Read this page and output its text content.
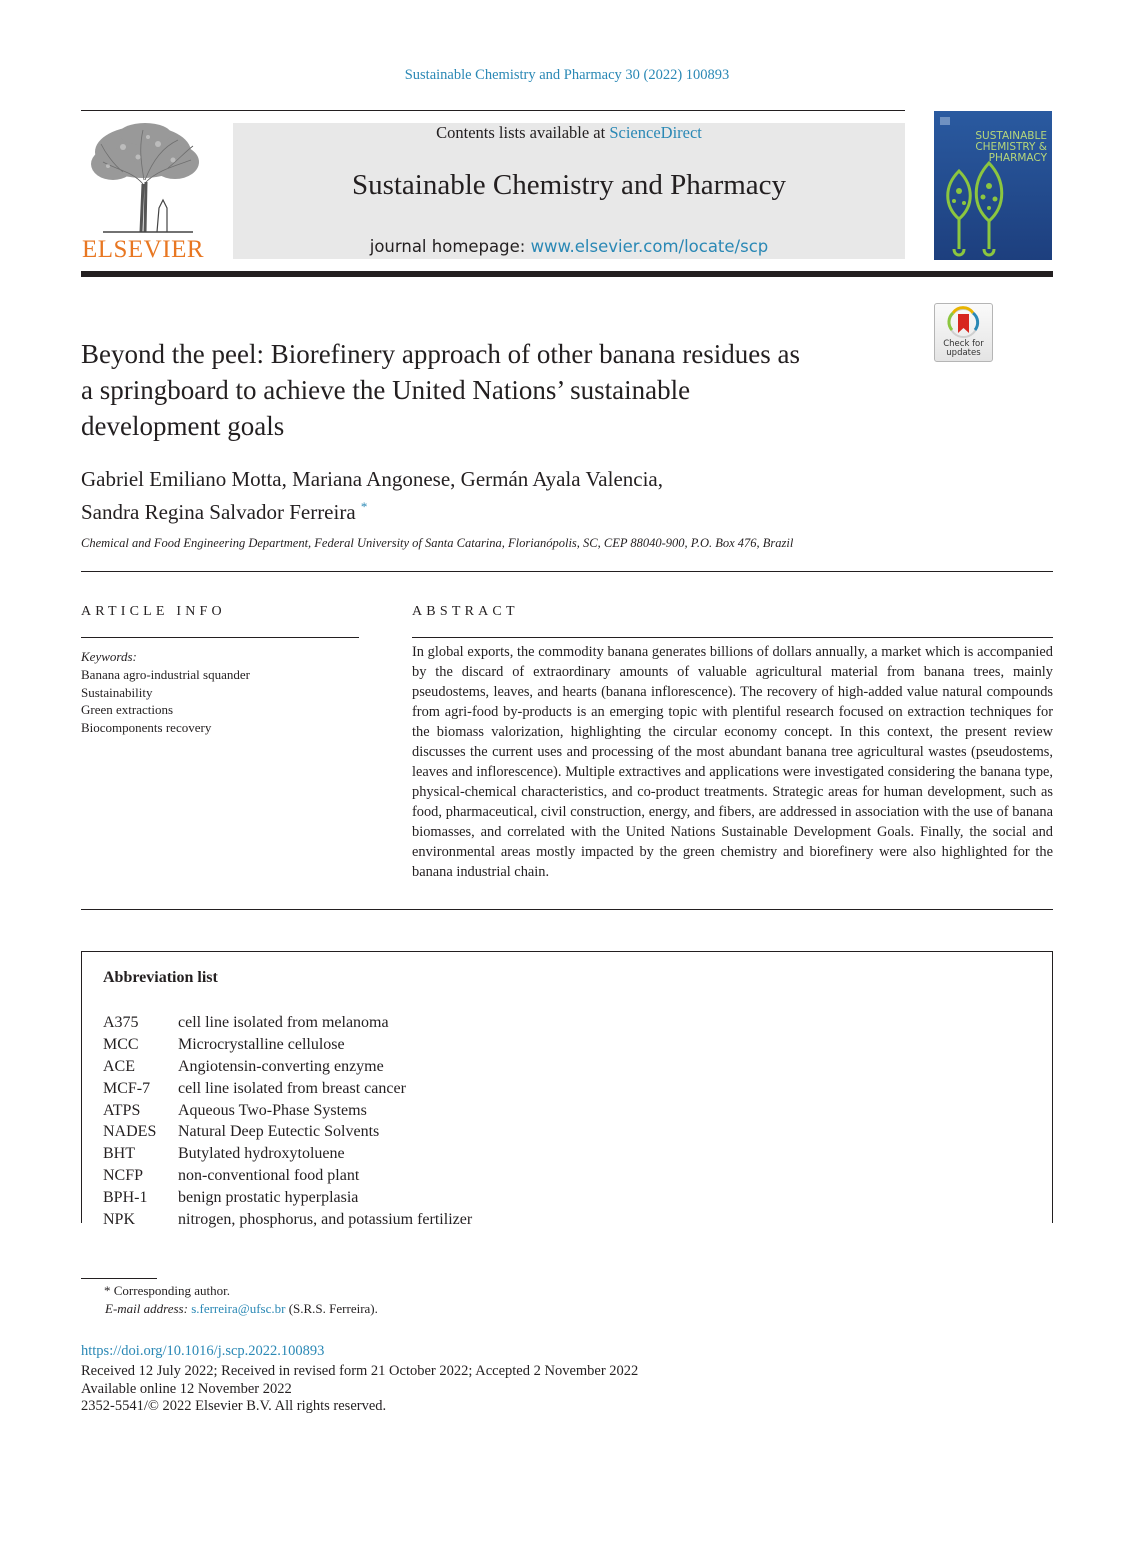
Sustainable Chemistry and Pharmacy 30 (2022) 100893
ELSEVIER
Contents lists available at ScienceDirect
Sustainable Chemistry and Pharmacy
journal homepage: www.elsevier.com/locate/scp
SUSTAINABLE
CHEMISTRY &
PHARMACY
Check for
updates
Beyond the peel: Biorefinery approach of other banana residues as
a springboard to achieve the United Nations’ sustainable
development goals
Gabriel Emiliano Motta, Mariana Angonese, Germán Ayala Valencia,
Sandra Regina Salvador Ferreira *
Chemical and Food Engineering Department, Federal University of Santa Catarina, Florianópolis, SC, CEP 88040-900, P.O. Box 476, Brazil
ARTICLE INFO
Keywords:
Banana agro-industrial squander
Sustainability
Green extractions
Biocomponents recovery
ABSTRACT
In global exports, the commodity banana generates billions of dollars annually, a market which is accompanied by the discard of extraordinary amounts of valuable agricultural material from banana trees, mainly pseudostems, leaves, and hearts (banana inflorescence). The recovery of high-added value natural compounds from agri-food by-products is an emerging topic with plentiful research focused on extraction techniques for the biomass valorization, highlighting the circular economy concept. In this context, the present review discusses the current uses and processing of the most abundant banana tree agricultural wastes (pseudostems, leaves and inflorescence). Multiple extractives and applications were investigated considering the banana type, physical-chemical characteristics, and co-product treatments. Strategic areas for human development, such as food, pharmaceutical, civil construction, energy, and fibers, are addressed in association with the use of banana biomasses, and correlated with the United Nations Sustainable Development Goals. Finally, the social and environmental areas mostly impacted by the green chemistry and biorefinery were also highlighted for the banana industrial chain.
Abbreviation list
A375	cell line isolated from melanoma
MCC	Microcrystalline cellulose
ACE	Angiotensin-converting enzyme
MCF-7	cell line isolated from breast cancer
ATPS	Aqueous Two-Phase Systems
NADES	Natural Deep Eutectic Solvents
BHT	Butylated hydroxytoluene
NCFP	non-conventional food plant
BPH-1	benign prostatic hyperplasia
NPK	nitrogen, phosphorus, and potassium fertilizer
* Corresponding author.
E-mail address: s.ferreira@ufsc.br (S.R.S. Ferreira).
https://doi.org/10.1016/j.scp.2022.100893
Received 12 July 2022; Received in revised form 21 October 2022; Accepted 2 November 2022
Available online 12 November 2022
2352-5541/© 2022 Elsevier B.V. All rights reserved.
